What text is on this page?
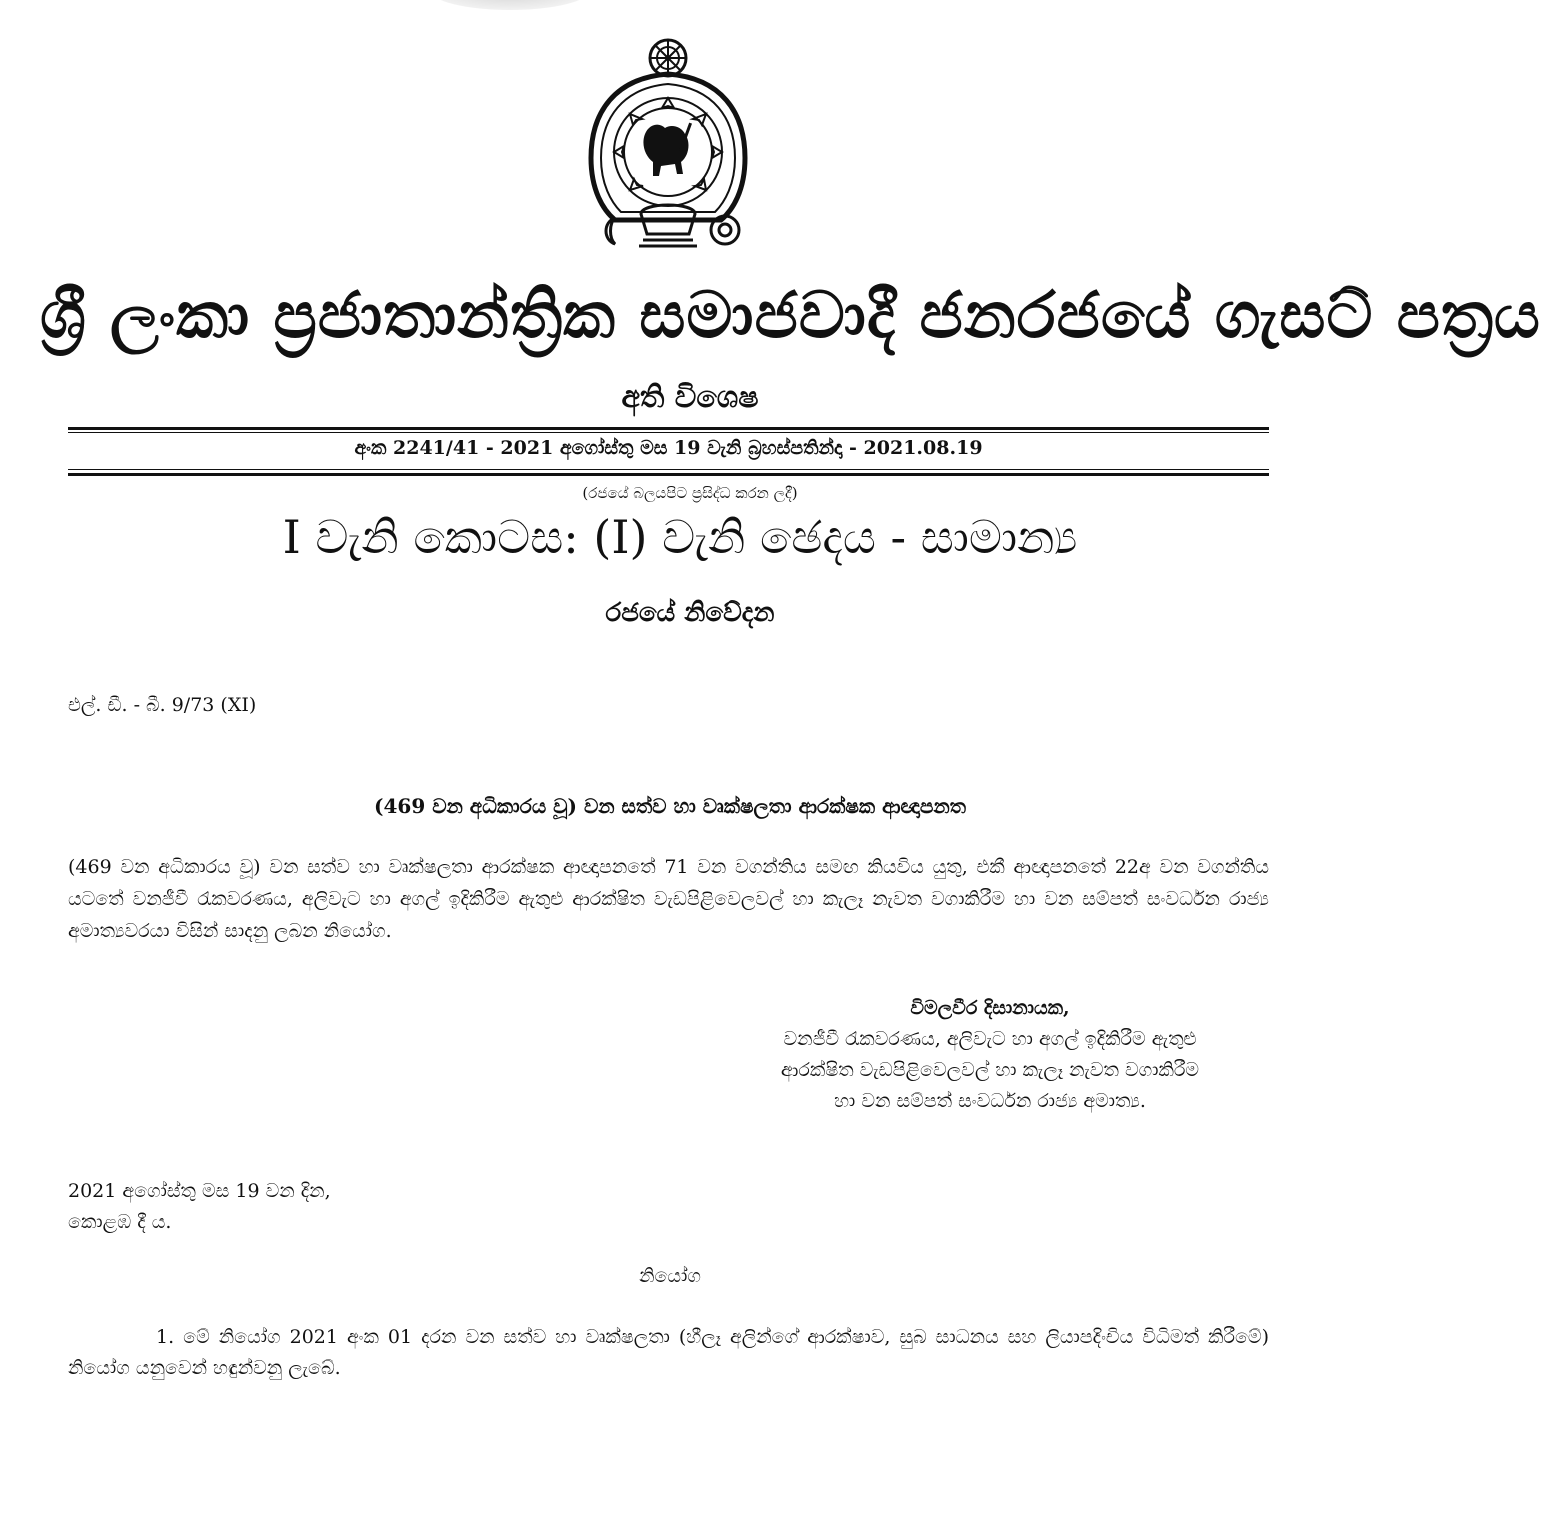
ශ්‍රී ලංකා ප්‍රජාතාන්ත්‍රික සමාජවාදී ජනරජයේ ගැසට් පත්‍රය
අති විශෙෂ
අංක 2241/41 - 2021 අගෝස්තු මස 19 වැනි බ්‍රහස්පතින්දා - 2021.08.19
(රජයේ බලයපිට ප්‍රසිද්ධ කරන ලදී)
I වැනි කොටස: (I) වැනි ඡෙදය - සාමාන්‍ය
රජයේ නිවේදන
එල්. ඩී. - බී. 9/73 (XI)
(469 වන අධිකාරය වූ) වන සත්ව හා වෘක්ෂලතා ආරක්ෂක ආඥාපනත
(469 වන අධිකාරය වූ) වන සත්ව හා වෘක්ෂලතා ආරක්ෂක ආඥාපනතේ 71 වන වගන්තිය සමඟ කියවිය යුතු, එකී ආඥාපනතේ 22අ වන වගන්තිය යටතේ වනජීවී රැකවරණය, අලිවැට හා අගල් ඉදිකිරීම ඇතුළු ආරක්ෂිත වැඩපිළිවෙලවල් හා කැලෑ නැවත වගාකිරීම හා වන සම්පත් සංවර්ධන රාජ්‍ය අමාත්‍යවරයා විසින් සාදනු ලබන නියෝග.
විමලවීර දිසානායක,
වනජීවී රැකවරණය, අලිවැට හා අගල් ඉදිකිරීම ඇතුළු
ආරක්ෂිත වැඩපිළිවෙලවල් හා කැලෑ නැවත වගාකිරීම
හා වන සම්පත් සංවර්ධන රාජ්‍ය අමාත්‍ය.
2021 අගෝස්තු මස 19 වන දින,
කොළඹ දී ය.
නියෝග
1. මේ නියෝග 2021 අංක 01 දරන වන සත්ව හා වෘක්ෂලතා (හීලෑ අලින්ගේ ආරක්ෂාව, සුබ සාධනය සහ ලියාපදිංචිය විධිමත් කිරීමේ) නියෝග යනුවෙන් හඳුන්වනු ලැබේ.
